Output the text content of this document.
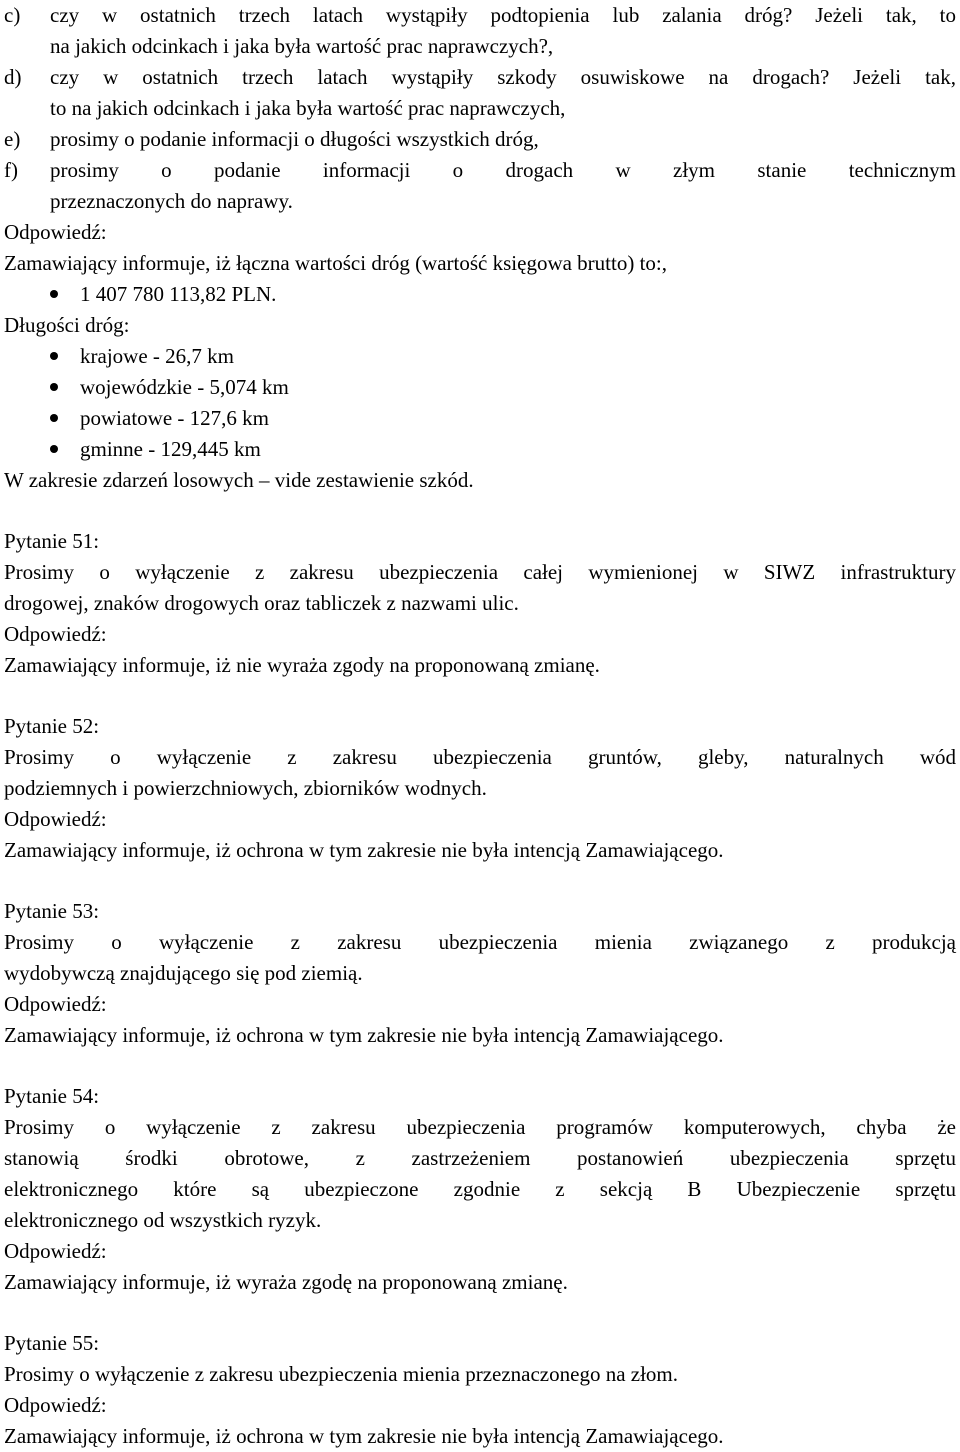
c)	czy w ostatnich trzech latach wystąpiły podtopienia lub zalania dróg? Jeżeli tak, to

na jakich odcinkach i jaka była wartość prac naprawczych?,

d)	czy w ostatnich trzech latach wystąpiły szkody osuwiskowe na drogach? Jeżeli tak,

to na jakich odcinkach i jaka była wartość prac naprawczych,

e)	prosimy o podanie informacji o długości wszystkich dróg,

f)	prosimy o podanie informacji o drogach w złym stanie technicznym

przeznaczonych do naprawy.

Odpowiedź:

Zamawiający informuje, iż łączna wartości dróg (wartość księgowa brutto) to:,

1 407 780 113,82 PLN.

Długości dróg:

krajowe - 26,7 km
wojewódzkie - 5,074 km
powiatowe - 127,6 km
gminne - 129,445 km

W zakresie zdarzeń losowych – vide zestawienie szkód.

Pytanie 51:

Prosimy o wyłączenie z zakresu ubezpieczenia całej wymienionej w SIWZ infrastruktury

drogowej, znaków drogowych oraz tabliczek z nazwami ulic.

Odpowiedź:

Zamawiający informuje, iż nie wyraża zgody na proponowaną zmianę.

Pytanie 52:

Prosimy o wyłączenie z zakresu ubezpieczenia gruntów, gleby, naturalnych wód

podziemnych i powierzchniowych, zbiorników wodnych.

Odpowiedź:

Zamawiający informuje, iż ochrona w tym zakresie nie była intencją Zamawiającego.

Pytanie 53:

Prosimy o wyłączenie z zakresu ubezpieczenia mienia związanego z produkcją

wydobywczą znajdującego się pod ziemią.

Odpowiedź:

Zamawiający informuje, iż ochrona w tym zakresie nie była intencją Zamawiającego.

Pytanie 54:

Prosimy o wyłączenie z zakresu ubezpieczenia programów komputerowych, chyba że

stanowią środki obrotowe, z zastrzeżeniem postanowień ubezpieczenia sprzętu

elektronicznego które są ubezpieczone zgodnie z sekcją B Ubezpieczenie sprzętu

elektronicznego od wszystkich ryzyk.

Odpowiedź:

Zamawiający informuje, iż wyraża zgodę na proponowaną zmianę.

Pytanie 55:

Prosimy o wyłączenie z zakresu ubezpieczenia mienia przeznaczonego na złom.

Odpowiedź:

Zamawiający informuje, iż ochrona w tym zakresie nie była intencją Zamawiającego.
